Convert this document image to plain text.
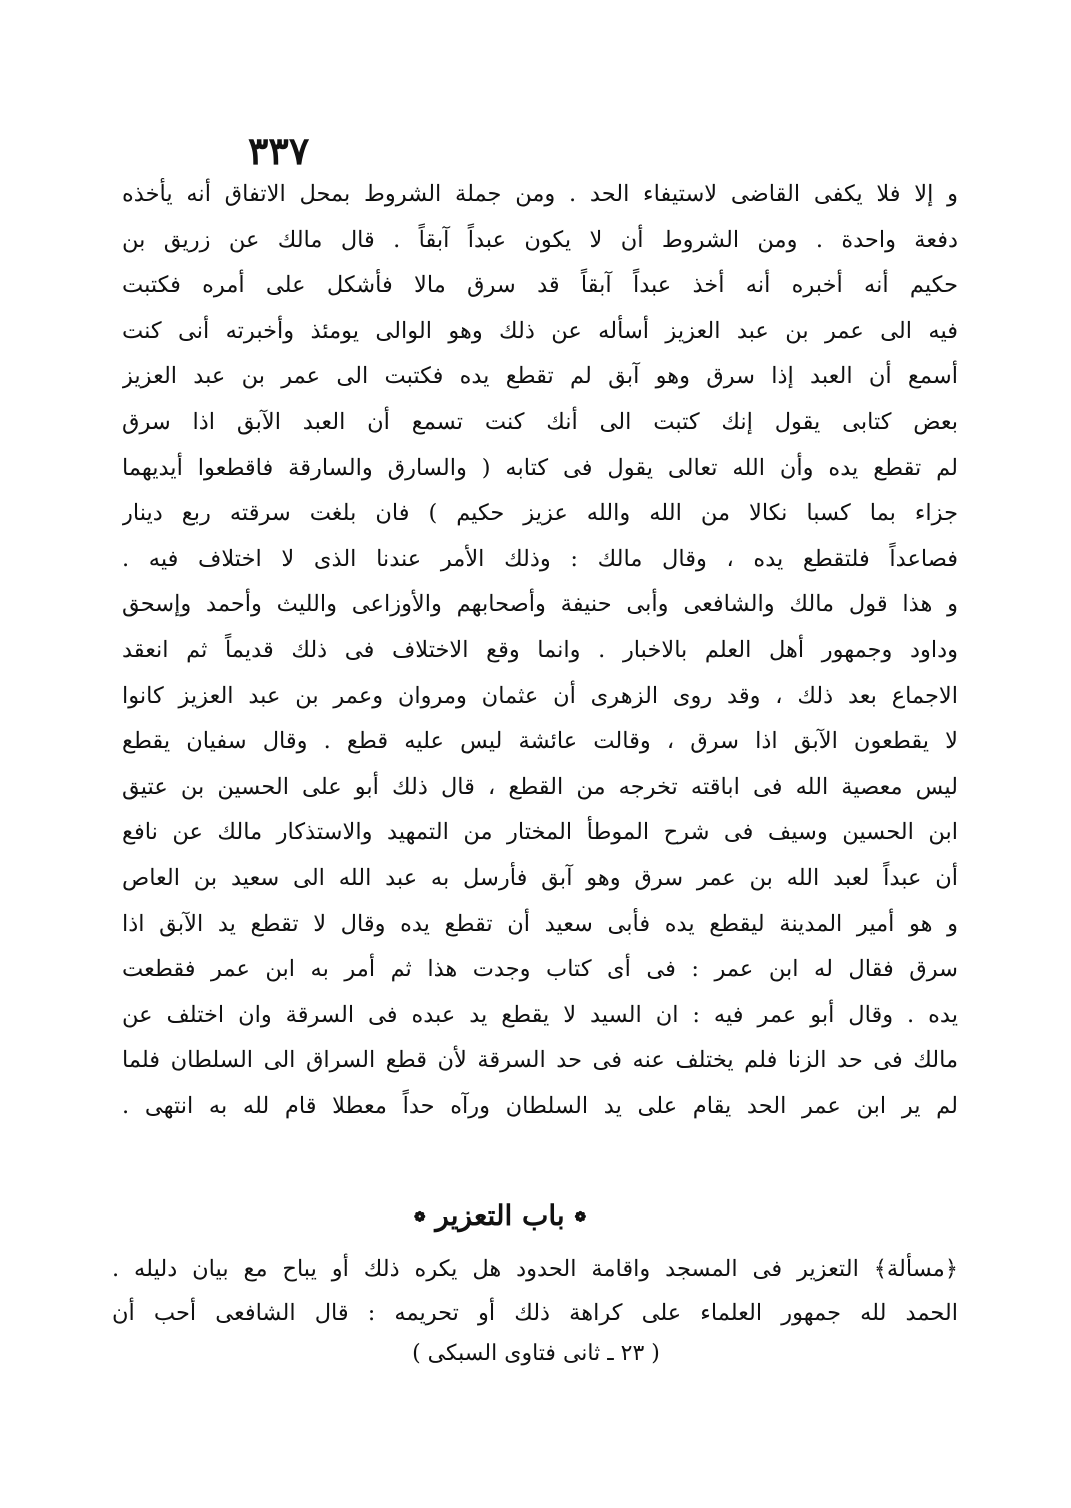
٣٣٧
و إلا فلا يكفى القاضى لاستيفاء الحد . ومن جملة الشروط بمحل الاتفاق أنه يأخذه
دفعة واحدة . ومن الشروط أن لا يكون عبداً آبقاً . قال مالك عن زريق بن
حكيم أنه أخبره أنه أخذ عبداً آبقاً قد سرق مالا فأشكل على أمره فكتبت
فيه الى عمر بن عبد العزيز أسأله عن ذلك وهو الوالى يومئذ وأخبرته أنى كنت
أسمع أن العبد إذا سرق وهو آبق لم تقطع يده فكتبت الى عمر بن عبد العزيز
بعض كتابى يقول إنك كتبت الى أنك كنت تسمع أن العبد الآبق اذا سرق
لم تقطع يده وأن الله تعالى يقول فى كتابه ( والسارق والسارقة فاقطعوا أيديهما
جزاء بما كسبا نكالا من الله والله عزيز حكيم ) فان بلغت سرقته ربع دينار
فصاعداً فلتقطع يده ، وقال مالك : وذلك الأمر عندنا الذى لا اختلاف فيه .
و هذا قول مالك والشافعى وأبى حنيفة وأصحابهم والأوزاعى والليث وأحمد وإسحق
وداود وجمهور أهل العلم بالاخبار . وانما وقع الاختلاف فى ذلك قديماً ثم انعقد
الاجماع بعد ذلك ، وقد روى الزهرى أن عثمان ومروان وعمر بن عبد العزيز كانوا
لا يقطعون الآبق اذا سرق ، وقالت عائشة ليس عليه قطع . وقال سفيان يقطع
ليس معصية الله فى اباقته تخرجه من القطع ، قال ذلك أبو على الحسين بن عتيق
ابن الحسين وسيف فى شرح الموطأ المختار من التمهيد والاستذكار مالك عن نافع
أن عبداً لعبد الله بن عمر سرق وهو آبق فأرسل به عبد الله الى سعيد بن العاص
و هو أمير المدينة ليقطع يده فأبى سعيد أن تقطع يده وقال لا تقطع يد الآبق اذا
سرق فقال له ابن عمر : فى أى كتاب وجدت هذا ثم أمر به ابن عمر فقطعت
يده . وقال أبو عمر فيه : ان السيد لا يقطع يد عبده فى السرقة وان اختلف عن
مالك فى حد الزنا فلم يختلف عنه فى حد السرقة لأن قطع السراق الى السلطان فلما
لم ير ابن عمر الحد يقام على يد السلطان ورآه حداً معطلا قام لله به انتهى .
❁ باب التعزير ❁
﴿مسألة﴾ التعزير فى المسجد واقامة الحدود هل يكره ذلك أو يباح مع بيان دليله .
الحمد لله جمهور العلماء على كراهة ذلك أو تحريمه : قال الشافعى أحب أن
( ٢٣ ـ ثانى فتاوى السبكى )
